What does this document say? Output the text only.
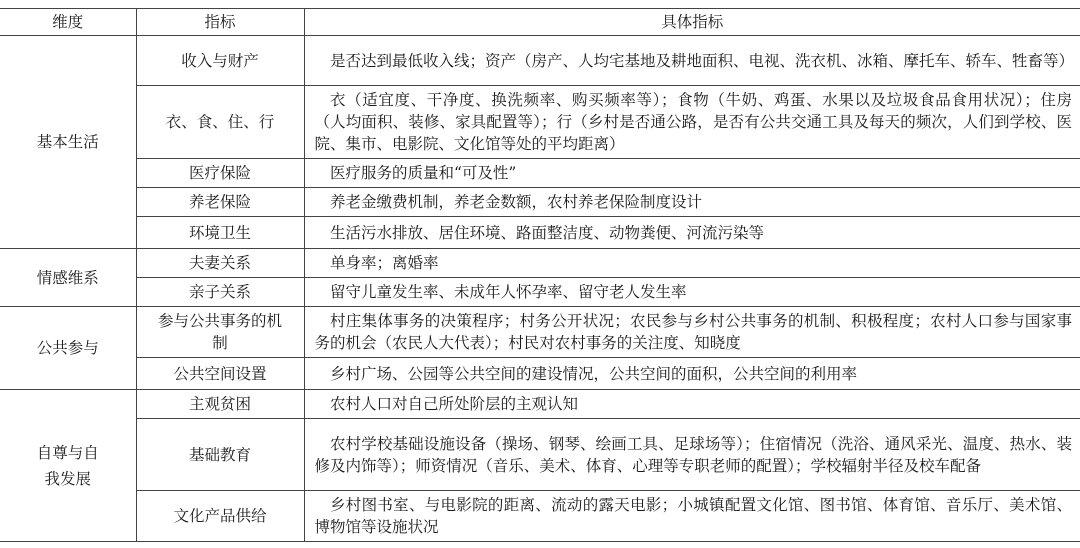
维度	指标	具体指标
基本生活	收入与财产	是否达到最低收入线；资产（房产、人均宅基地及耕地面积、电视、洗衣机、冰箱、摩托车、轿车、牲畜等）
	衣、食、住、行	衣（适宜度、干净度、换洗频率、购买频率等）；食物（牛奶、鸡蛋、水果以及垃圾食品食用状况）；住房（人均面积、装修、家具配置等）；行（乡村是否通公路，是否有公共交通工具及每天的频次，人们到学校、医院、集市、电影院、文化馆等处的平均距离）
	医疗保险	医疗服务的质量和“可及性”
	养老保险	养老金缴费机制，养老金数额，农村养老保险制度设计
	环境卫生	生活污水排放、居住环境、路面整洁度、动物粪便、河流污染等
情感维系	夫妻关系	单身率；离婚率
	亲子关系	留守儿童发生率、未成年人怀孕率、留守老人发生率
公共参与	参与公共事务的机制	村庄集体事务的决策程序；村务公开状况；农民参与乡村公共事务的机制、积极程度；农村人口参与国家事务的机会（农民人大代表）；村民对农村事务的关注度、知晓度
	公共空间设置	乡村广场、公园等公共空间的建设情况，公共空间的面积，公共空间的利用率
自尊与自我发展	主观贫困	农村人口对自己所处阶层的主观认知
	基础教育	农村学校基础设施设备（操场、钢琴、绘画工具、足球场等）；住宿情况（洗浴、通风采光、温度、热水、装修及内饰等）；师资情况（音乐、美术、体育、心理等专职老师的配置）；学校辐射半径及校车配备
	文化产品供给	乡村图书室、与电影院的距离、流动的露天电影；小城镇配置文化馆、图书馆、体育馆、音乐厅、美术馆、博物馆等设施状况
